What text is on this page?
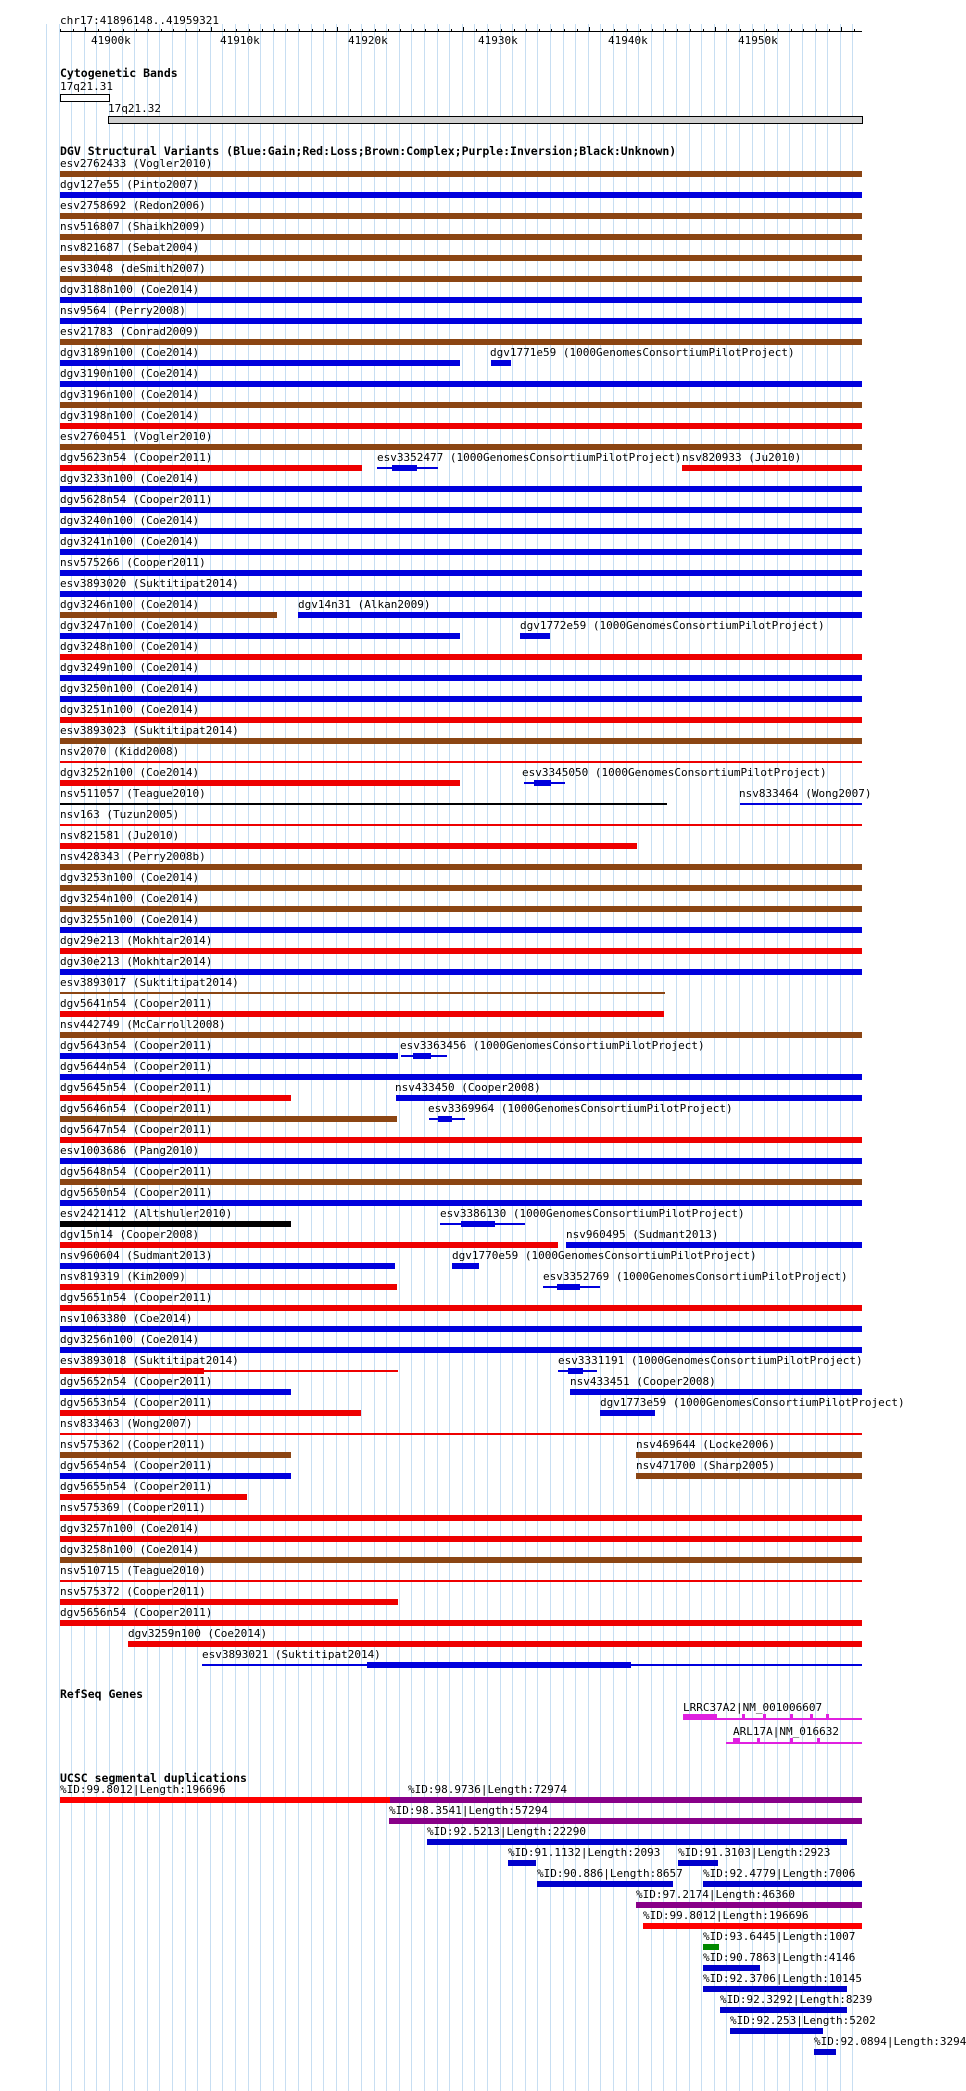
chr17:41896148..41959321
41900k	41910k	41920k	41930k	41940k	41950k
Cytogenetic Bands
17q21.31
17q21.32
DGV Structural Variants (Blue:Gain;Red:Loss;Brown:Complex;Purple:Inversion;Black:Unknown)
esv2762433 (Vogler2010)
dgv127e55 (Pinto2007)
esv2758692 (Redon2006)
nsv516807 (Shaikh2009)
nsv821687 (Sebat2004)
esv33048 (deSmith2007)
dgv3188n100 (Coe2014)
nsv9564 (Perry2008)
esv21783 (Conrad2009)
dgv3189n100 (Coe2014)	dgv1771e59 (1000GenomesConsortiumPilotProject)
dgv3190n100 (Coe2014)
dgv3196n100 (Coe2014)
dgv3198n100 (Coe2014)
esv2760451 (Vogler2010)
dgv5623n54 (Cooper2011)	esv3352477 (1000GenomesConsortiumPilotProject) nsv820933 (Ju2010)
dgv3233n100 (Coe2014)
dgv5628n54 (Cooper2011)
dgv3240n100 (Coe2014)
dgv3241n100 (Coe2014)
nsv575266 (Cooper2011)
esv3893020 (Suktitipat2014)
dgv3246n100 (Coe2014)	dgv14n31 (Alkan2009)
dgv3247n100 (Coe2014)	dgv1772e59 (1000GenomesConsortiumPilotProject)
dgv3248n100 (Coe2014)
dgv3249n100 (Coe2014)
dgv3250n100 (Coe2014)
dgv3251n100 (Coe2014)
esv3893023 (Suktitipat2014)
nsv2070 (Kidd2008)
dgv3252n100 (Coe2014)	esv3345050 (1000GenomesConsortiumPilotProject)
nsv511057 (Teague2010)	nsv833464 (Wong2007)
nsv163 (Tuzun2005)
nsv821581 (Ju2010)
nsv428343 (Perry2008b)
dgv3253n100 (Coe2014)
dgv3254n100 (Coe2014)
dgv3255n100 (Coe2014)
dgv29e213 (Mokhtar2014)
dgv30e213 (Mokhtar2014)
esv3893017 (Suktitipat2014)
dgv5641n54 (Cooper2011)
nsv442749 (McCarroll2008)
dgv5643n54 (Cooper2011)	esv3363456 (1000GenomesConsortiumPilotProject)
dgv5644n54 (Cooper2011)
dgv5645n54 (Cooper2011)	nsv433450 (Cooper2008)
dgv5646n54 (Cooper2011)	esv3369964 (1000GenomesConsortiumPilotProject)
dgv5647n54 (Cooper2011)
esv1003686 (Pang2010)
dgv5648n54 (Cooper2011)
dgv5650n54 (Cooper2011)
esv2421412 (Altshuler2010)	esv3386130 (1000GenomesConsortiumPilotProject)
dgv15n14 (Cooper2008)	nsv960495 (Sudmant2013)
nsv960604 (Sudmant2013)	dgv1770e59 (1000GenomesConsortiumPilotProject)
nsv819319 (Kim2009)	esv3352769 (1000GenomesConsortiumPilotProject)
dgv5651n54 (Cooper2011)
nsv1063380 (Coe2014)
dgv3256n100 (Coe2014)
esv3893018 (Suktitipat2014)	esv3331191 (1000GenomesConsortiumPilotProject)
dgv5652n54 (Cooper2011)	nsv433451 (Cooper2008)
dgv5653n54 (Cooper2011)	dgv1773e59 (1000GenomesConsortiumPilotProject)
nsv833463 (Wong2007)
nsv575362 (Cooper2011)	nsv469644 (Locke2006)
dgv5654n54 (Cooper2011)	nsv471700 (Sharp2005)
dgv5655n54 (Cooper2011)
nsv575369 (Cooper2011)
dgv3257n100 (Coe2014)
dgv3258n100 (Coe2014)
nsv510715 (Teague2010)
nsv575372 (Cooper2011)
dgv5656n54 (Cooper2011)
dgv3259n100 (Coe2014)
esv3893021 (Suktitipat2014)
RefSeq Genes
LRRC37A2|NM_001006607
ARL17A|NM_016632
UCSC segmental duplications
%ID:99.8012|Length:196696	%ID:98.9736|Length:72974
%ID:98.3541|Length:57294
%ID:92.5213|Length:22290
%ID:91.1132|Length:2093 %ID:91.3103|Length:2923
%ID:90.886|Length:8657 %ID:92.4779|Length:7006
%ID:97.2174|Length:46360
%ID:99.8012|Length:196696
%ID:93.6445|Length:1007
%ID:90.7863|Length:4146
%ID:92.3706|Length:10145
%ID:92.3292|Length:8239
%ID:92.253|Length:5202
%ID:92.0894|Length:3294
